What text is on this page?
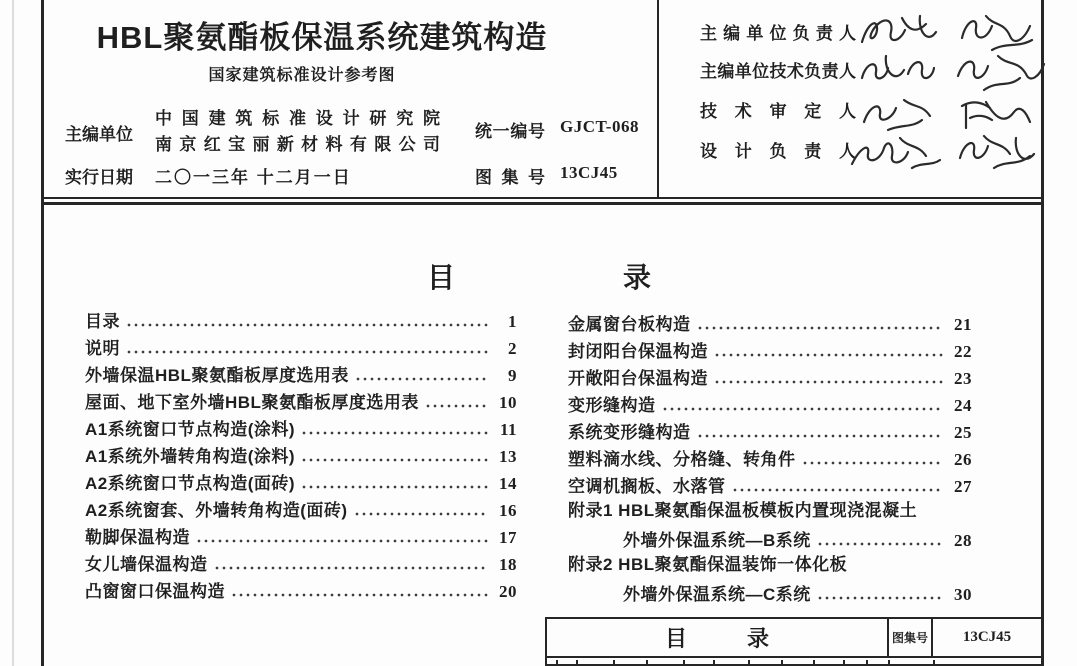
HBL聚氨酯板保温系统建筑构造
国家建筑标准设计参考图
主编单位
中国建筑标准设计研究院
南京红宝丽新材料有限公司
统一编号 GJCT-068
实行日期 二〇一三年 十二月一日	图集号 13CJ45
主编单位负责人
主编单位技术负责人
技术审定人
设计负责人
目	录
目录	1
说明	2
外墙保温HBL聚氨酯板厚度选用表	9
屋面、地下室外墙HBL聚氨酯板厚度选用表	10
A1系统窗口节点构造(涂料)	11
A1系统外墙转角构造(涂料)	13
A2系统窗口节点构造(面砖)	14
A2系统窗套、外墙转角构造(面砖)	16
勒脚保温构造	17
女儿墙保温构造	18
凸窗窗口保温构造	20
金属窗台板构造	21
封闭阳台保温构造	22
开敞阳台保温构造	23
变形缝构造	24
系统变形缝构造	25
塑料滴水线、分格缝、转角件	26
空调机搁板、水落管	27
附录1 HBL聚氨酯保温板模板内置现浇混凝土
外墙外保温系统—B系统	28
附录2 HBL聚氨酯保温装饰一体化板
外墙外保温系统—C系统	30
目	录	图集号	13CJ45
